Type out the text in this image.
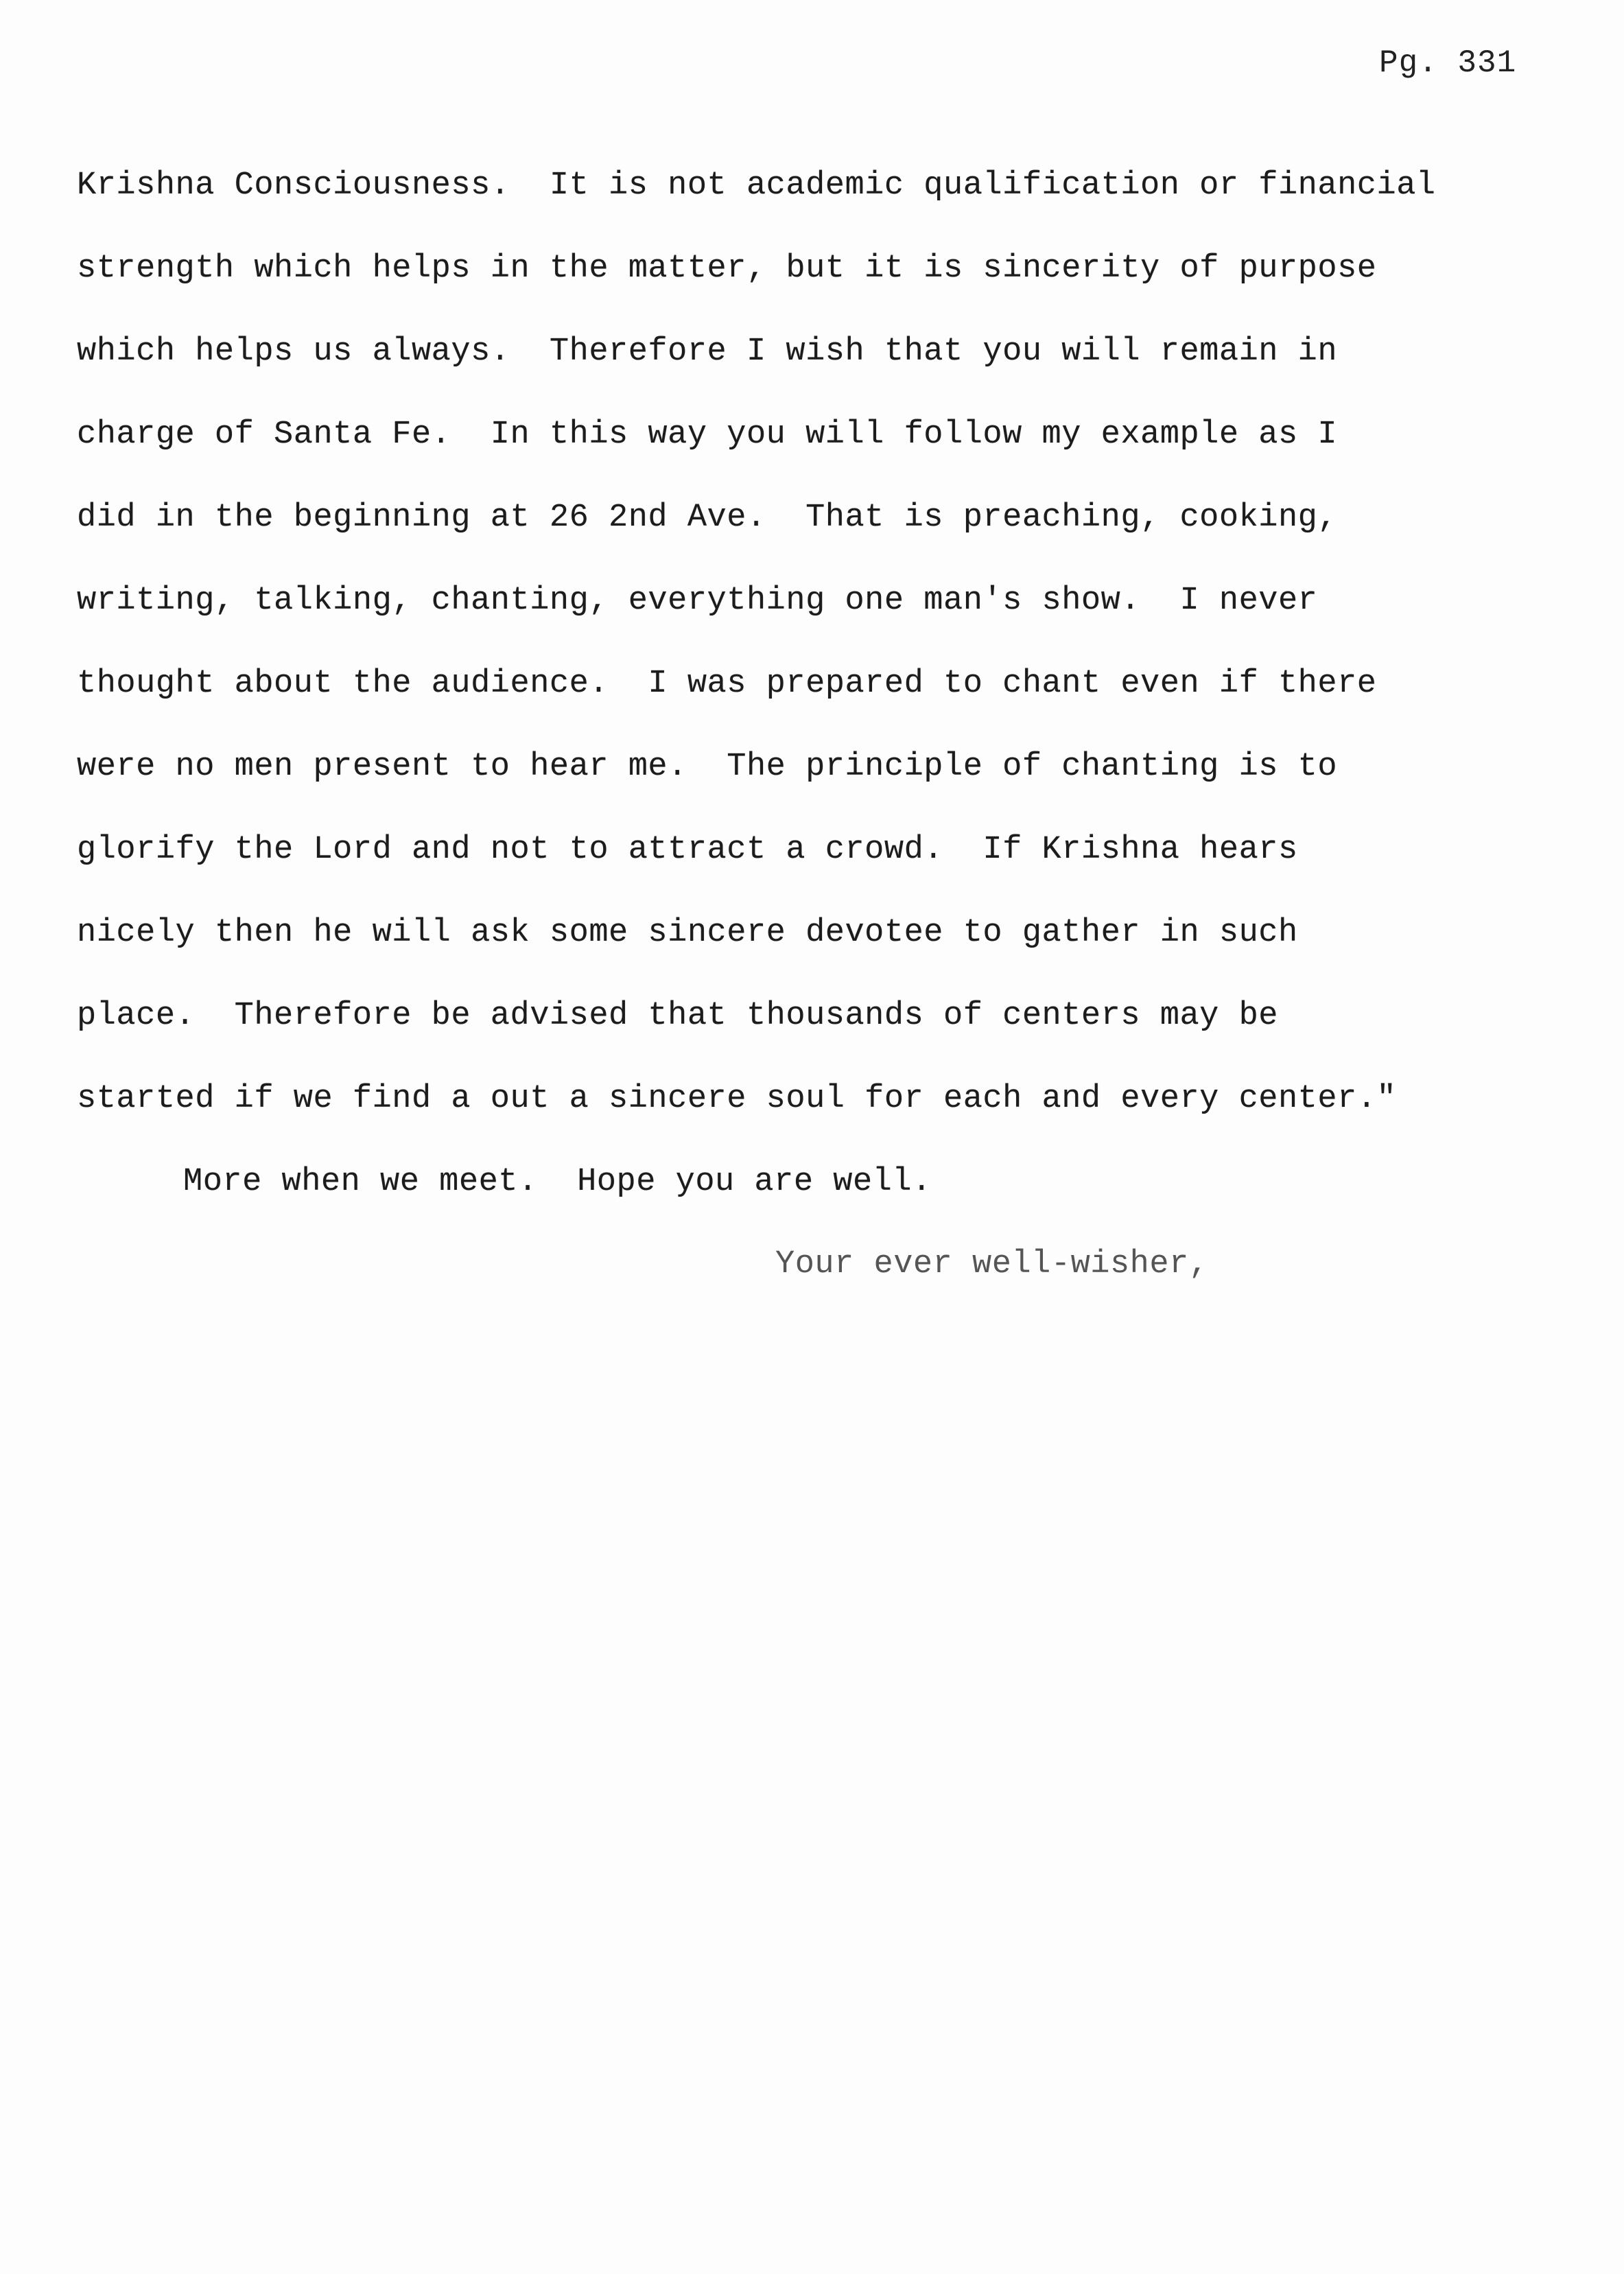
Pg. 331
Krishna Consciousness.  It is not academic qualification or financial
strength which helps in the matter, but it is sincerity of purpose
which helps us always.  Therefore I wish that you will remain in
charge of Santa Fe.  In this way you will follow my example as I
did in the beginning at 26 2nd Ave.  That is preaching, cooking,
writing, talking, chanting, everything one man's show.  I never
thought about the audience.  I was prepared to chant even if there
were no men present to hear me.  The principle of chanting is to
glorify the Lord and not to attract a crowd.  If Krishna hears
nicely then he will ask some sincere devotee to gather in such
place.  Therefore be advised that thousands of centers may be
started if we find a out a sincere soul for each and every center."
More when we meet.  Hope you are well.
Your ever well-wisher,
